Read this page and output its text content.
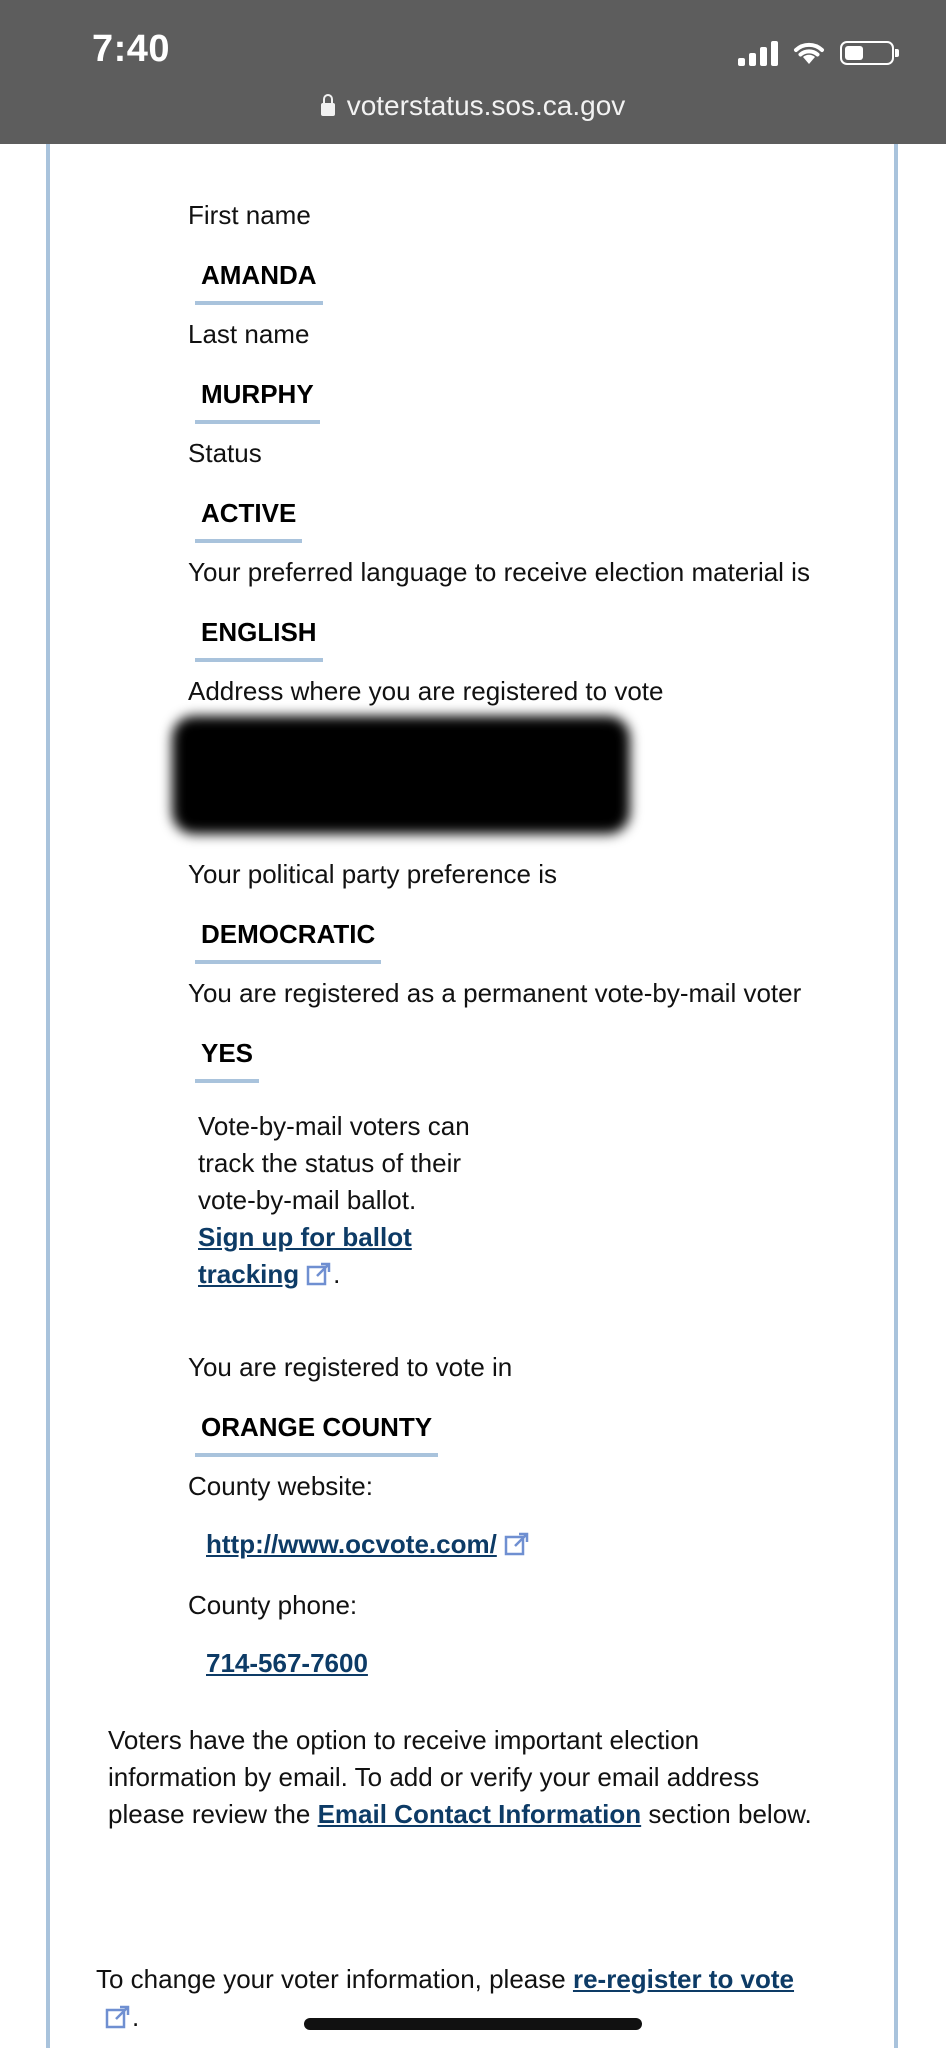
7:40
voterstatus.sos.ca.gov
First name
AMANDA
Last name
MURPHY
Status
ACTIVE
Your preferred language to receive election material is
ENGLISH
Address where you are registered to vote
Your political party preference is
DEMOCRATIC
You are registered as a permanent vote-by-mail voter
YES
Vote-by-mail voters can
track the status of their
vote-by-mail ballot.
Sign up for ballot
tracking .
You are registered to vote in
ORANGE COUNTY
County website:
http://www.ocvote.com/
County phone:
714-567-7600
Voters have the option to receive important election information by email. To add or verify your email address please review the Email Contact Information section below.
To change your voter information, please re-register to vote
.
